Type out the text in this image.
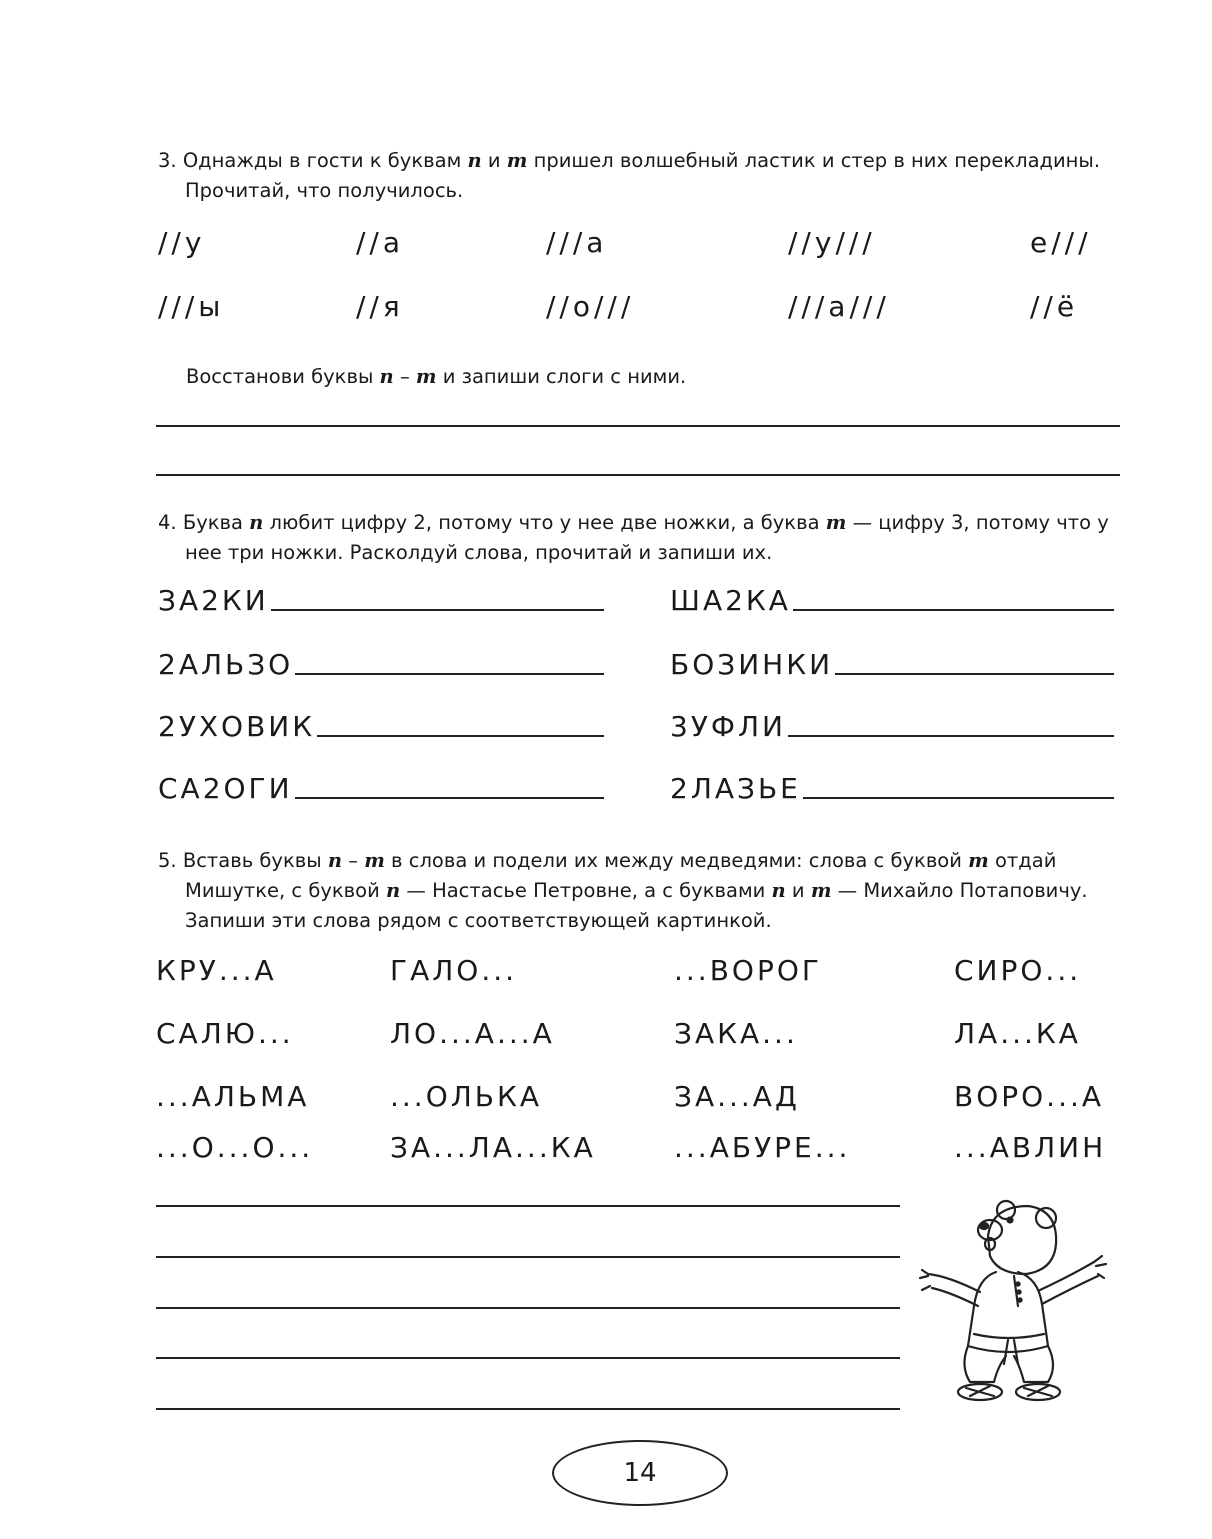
3. Однажды в гости к буквам п и т пришел волшебный ластик и стер в них перекладины.
Прочитай, что получилось.
//у	//а	///а	//у///	е///
///ы	//я	//о///	///а///	//ё
Восстанови буквы п – т и запиши слоги с ними.
4. Буква п любит цифру 2, потому что у нее две ножки, а буква т — цифру 3, потому что у
нее три ножки. Расколдуй слова, прочитай и запиши их.
ЗА2КИ
2АЛЬЗО
2УХОВИК
СА2ОГИ
ША2КА
БОЗИНКИ
3УФЛИ
2ЛАЗЬЕ
5. Вставь буквы п – т в слова и подели их между медведями: слова с буквой т отдай
Мишутке, с буквой п — Настасье Петровне, а с буквами п и т — Михайло Потаповичу.
Запиши эти слова рядом с соответствующей картинкой.
КРУ...А	ГАЛО...	...ВОРОГ	СИРО...
САЛЮ...	ЛО...А...А	ЗАКА...	ЛА...КА
...АЛЬМА	...ОЛЬКА	ЗА...АД	ВОРО...А
...О...О...	ЗА...ЛА...КА	...АБУРЕ...	...АВЛИН
14
